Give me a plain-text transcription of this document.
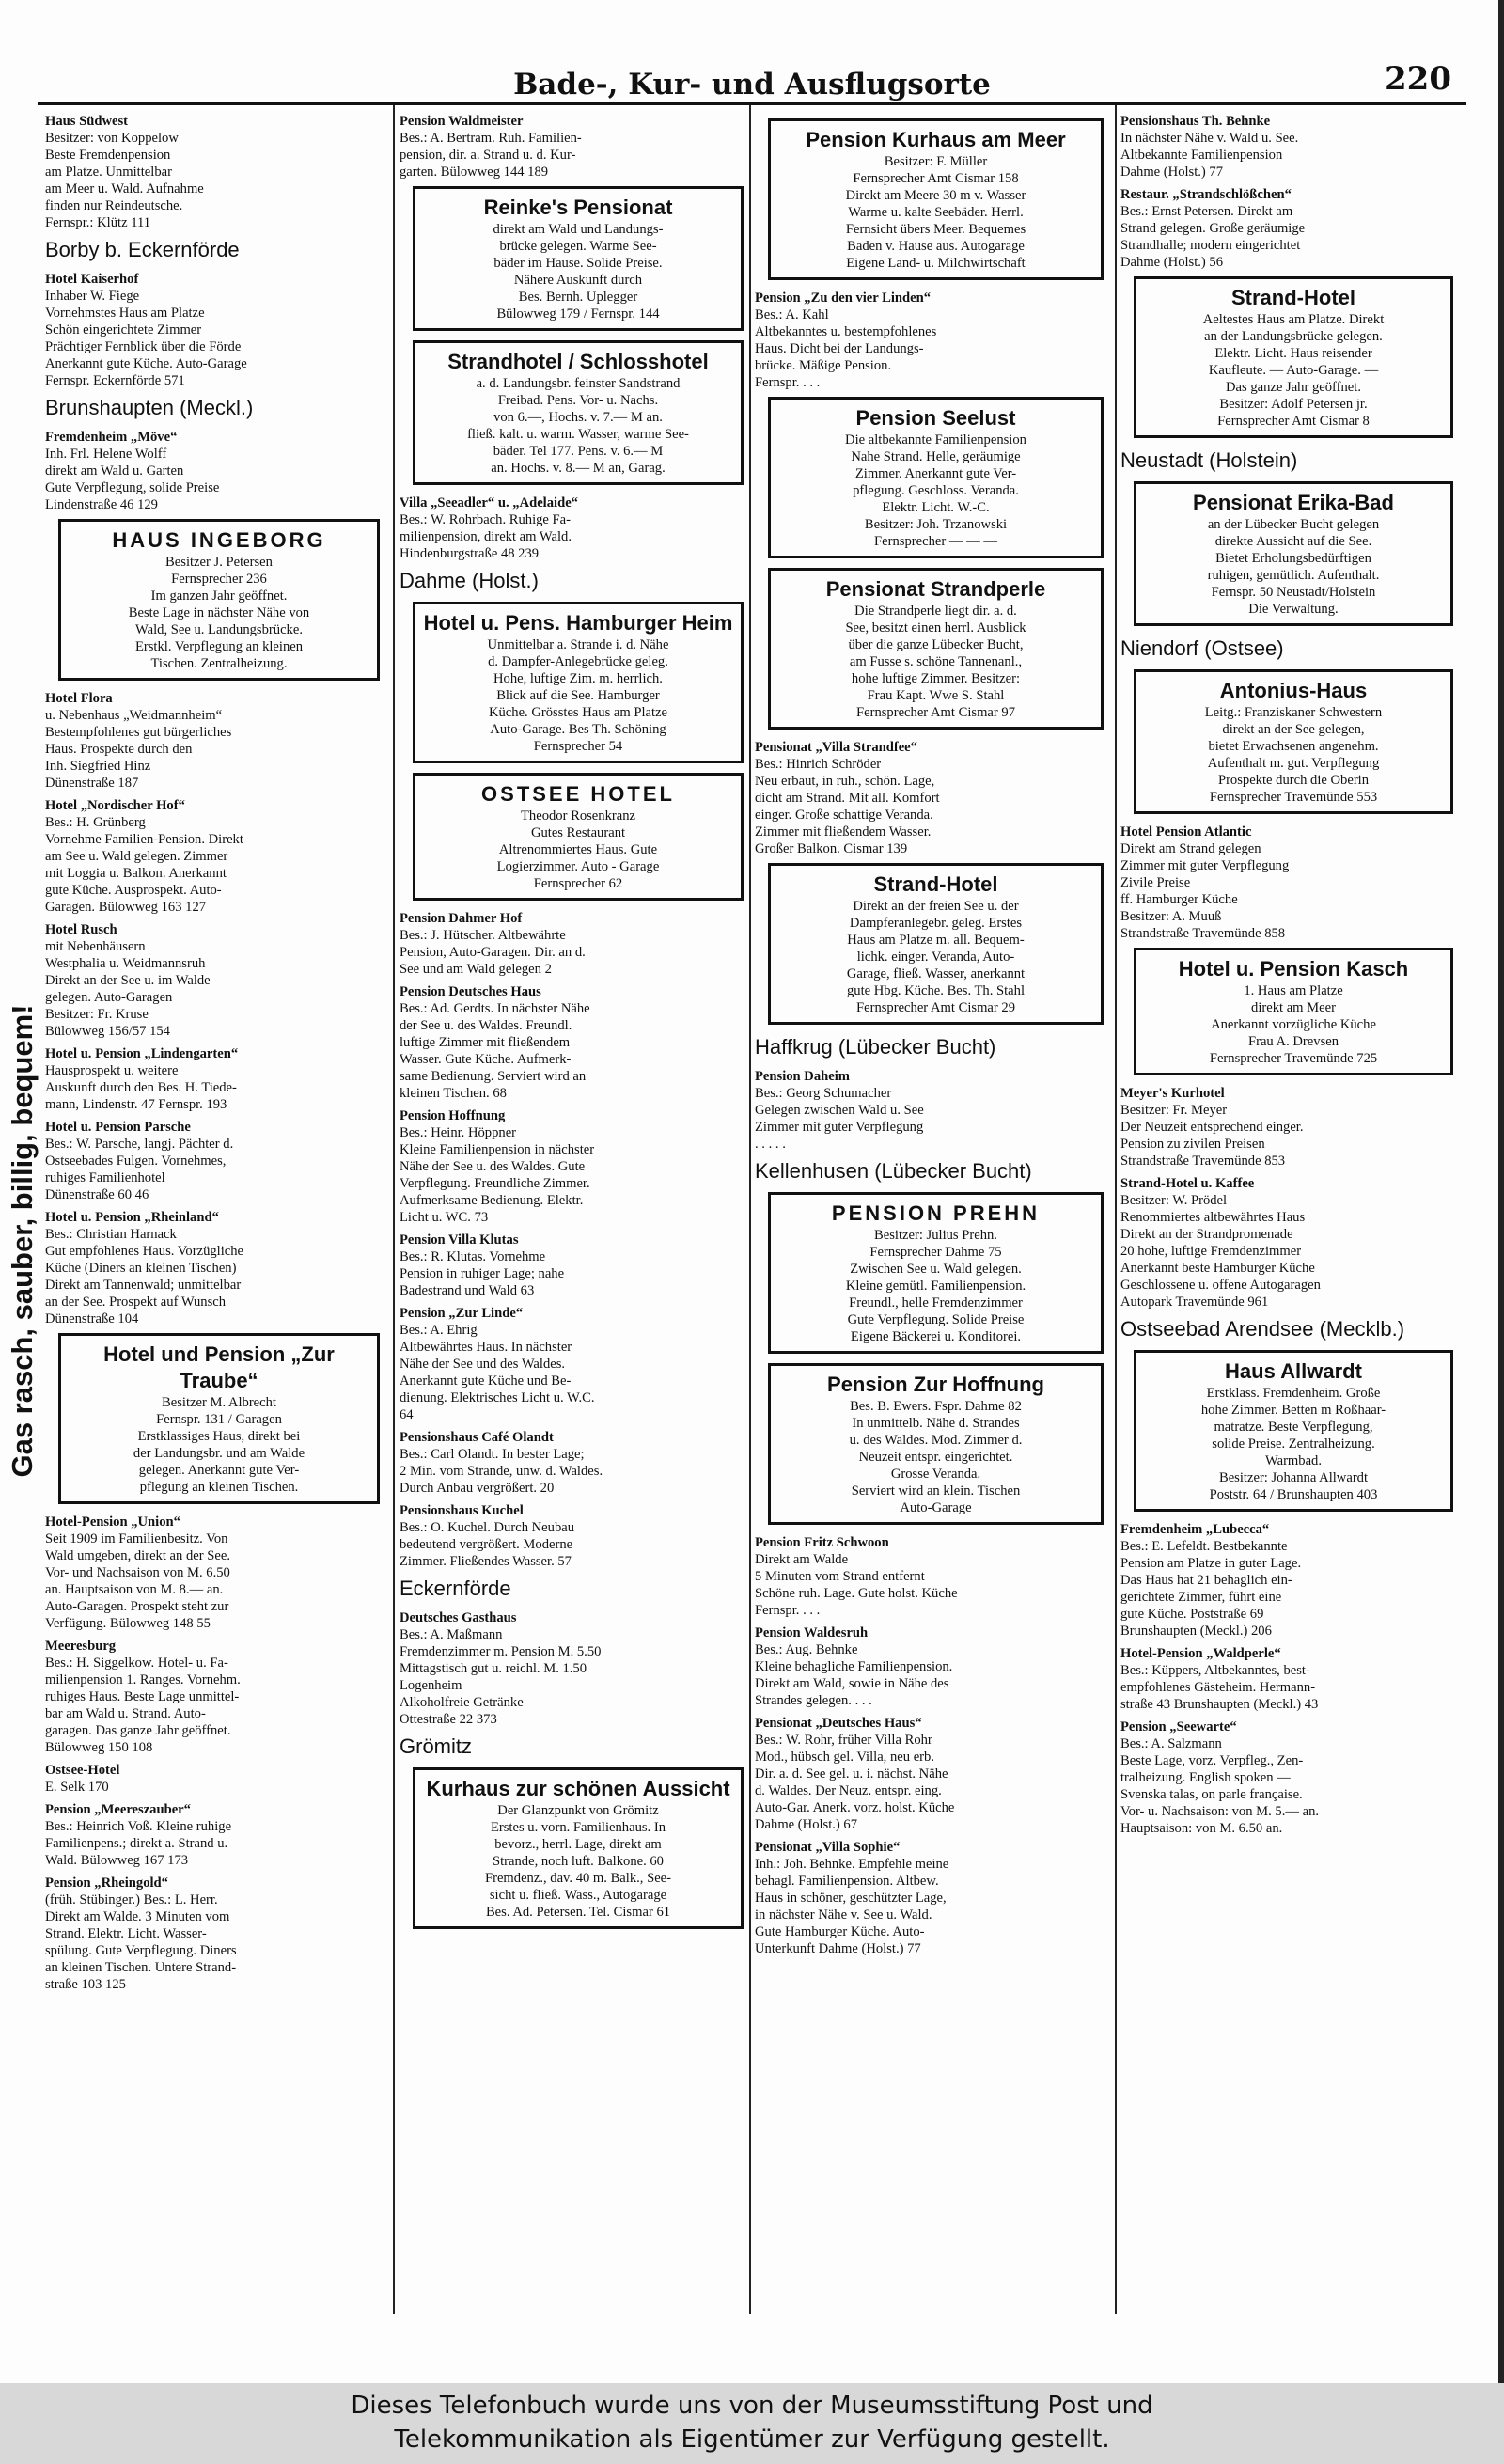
Bade-, Kur- und Ausflugsorte	220
Gas rasch, sauber, billig, bequem!
Haus Südwest
Besitzer: von Koppelow
Beste Fremdenpension
am Platze. Unmittelbar
am Meer u. Wald. Aufnahme
finden nur Reindeutsche.
Fernspr.: Klütz 111
Borby b. Eckernförde
Hotel Kaiserhof
Inhaber W. Fiege
Vornehmstes Haus am Platze
Schön eingerichtete Zimmer
Prächtiger Fernblick über die Förde
Anerkannt gute Küche. Auto-Garage
Fernspr. Eckernförde 571
Brunshaupten (Meckl.)
Fremdenheim „Möve“
Inh. Frl. Helene Wolff
direkt am Wald u. Garten
Gute Verpflegung, solide Preise
Lindenstraße 46 129
HAUS INGEBORG
Besitzer J. Petersen
Fernsprecher 236
Im ganzen Jahr geöffnet.
Beste Lage in nächster Nähe von
Wald, See u. Landungsbrücke.
Erstkl. Verpflegung an kleinen
Tischen. Zentralheizung.
Hotel Flora
u. Nebenhaus „Weidmannheim“
Bestempfohlenes gut bürgerliches
Haus. Prospekte durch den
Inh. Siegfried Hinz
Dünenstraße 187
Hotel „Nordischer Hof“
Bes.: H. Grünberg
Vornehme Familien-Pension. Direkt
am See u. Wald gelegen. Zimmer
mit Loggia u. Balkon. Anerkannt
gute Küche. Ausprospekt. Auto-
Garagen. Bülowweg 163 127
Hotel Rusch
mit Nebenhäusern
Westphalia u. Weidmannsruh
Direkt an der See u. im Walde
gelegen. Auto-Garagen
Besitzer: Fr. Kruse
Bülowweg 156/57 154
Hotel u. Pension „Lindengarten“
Hausprospekt u. weitere
Auskunft durch den Bes. H. Tiede-
mann, Lindenstr. 47 Fernspr. 193
Hotel u. Pension Parsche
Bes.: W. Parsche, langj. Pächter d.
Ostseebades Fulgen. Vornehmes,
ruhiges Familienhotel
Dünenstraße 60 46
Hotel u. Pension „Rheinland“
Bes.: Christian Harnack
Gut empfohlenes Haus. Vorzügliche
Küche (Diners an kleinen Tischen)
Direkt am Tannenwald; unmittelbar
an der See. Prospekt auf Wunsch
Dünenstraße 104
Hotel und Pension „Zur Traube“
Besitzer M. Albrecht
Fernspr. 131 / Garagen
Erstklassiges Haus, direkt bei
der Landungsbr. und am Walde
gelegen. Anerkannt gute Ver-
pflegung an kleinen Tischen.
Hotel-Pension „Union“
Seit 1909 im Familienbesitz. Von
Wald umgeben, direkt an der See.
Vor- und Nachsaison von M. 6.50
an. Hauptsaison von M. 8.— an.
Auto-Garagen. Prospekt steht zur
Verfügung. Bülowweg 148 55
Meeresburg
Bes.: H. Siggelkow. Hotel- u. Fa-
milienpension 1. Ranges. Vornehm.
ruhiges Haus. Beste Lage unmittel-
bar am Wald u. Strand. Auto-
garagen. Das ganze Jahr geöffnet.
Bülowweg 150 108
Ostsee-Hotel
E. Selk 170
Pension „Meereszauber“
Bes.: Heinrich Voß. Kleine ruhige
Familienpens.; direkt a. Strand u.
Wald. Bülowweg 167 173
Pension „Rheingold“
(früh. Stübinger.) Bes.: L. Herr.
Direkt am Walde. 3 Minuten vom
Strand. Elektr. Licht. Wasser-
spülung. Gute Verpflegung. Diners
an kleinen Tischen. Untere Strand-
straße 103 125
Pension Waldmeister
Bes.: A. Bertram. Ruh. Familien-
pension, dir. a. Strand u. d. Kur-
garten. Bülowweg 144 189
Reinke's Pensionat
direkt am Wald und Landungs-
brücke gelegen. Warme See-
bäder im Hause. Solide Preise.
Nähere Auskunft durch
Bes. Bernh. Uplegger
Bülowweg 179 / Fernspr. 144
Strandhotel / Schlosshotel
a. d. Landungsbr. feinster Sandstrand
Freibad. Pens. Vor- u. Nachs.
von 6.—, Hochs. v. 7.— M an.
fließ. kalt. u. warm. Wasser, warme See-
bäder. Tel 177. Pens. v. 6.— M
an. Hochs. v. 8.— M an, Garag.
Villa „Seeadler“ u. „Adelaide“
Bes.: W. Rohrbach. Ruhige Fa-
milienpension, direkt am Wald.
Hindenburgstraße 48 239
Dahme (Holst.)
Hotel u. Pens. Hamburger Heim
Unmittelbar a. Strande i. d. Nähe
d. Dampfer-Anlegebrücke geleg.
Hohe, luftige Zim. m. herrlich.
Blick auf die See. Hamburger
Küche. Grösstes Haus am Platze
Auto-Garage. Bes Th. Schöning
Fernsprecher 54
OSTSEE HOTEL
Theodor Rosenkranz
Gutes Restaurant
Altrenommiertes Haus. Gute
Logierzimmer. Auto - Garage
Fernsprecher 62
Pension Dahmer Hof
Bes.: J. Hütscher. Altbewährte
Pension, Auto-Garagen. Dir. an d.
See und am Wald gelegen 2
Pension Deutsches Haus
Bes.: Ad. Gerdts. In nächster Nähe
der See u. des Waldes. Freundl.
luftige Zimmer mit fließendem
Wasser. Gute Küche. Aufmerk-
same Bedienung. Serviert wird an
kleinen Tischen. 68
Pension Hoffnung
Bes.: Heinr. Höppner
Kleine Familienpension in nächster
Nähe der See u. des Waldes. Gute
Verpflegung. Freundliche Zimmer.
Aufmerksame Bedienung. Elektr.
Licht u. WC. 73
Pension Villa Klutas
Bes.: R. Klutas. Vornehme
Pension in ruhiger Lage; nahe
Badestrand und Wald 63
Pension „Zur Linde“
Bes.: A. Ehrig
Altbewährtes Haus. In nächster
Nähe der See und des Waldes.
Anerkannt gute Küche und Be-
dienung. Elektrisches Licht u. W.C.
64
Pensionshaus Café Olandt
Bes.: Carl Olandt. In bester Lage;
2 Min. vom Strande, unw. d. Waldes.
Durch Anbau vergrößert. 20
Pensionshaus Kuchel
Bes.: O. Kuchel. Durch Neubau
bedeutend vergrößert. Moderne
Zimmer. Fließendes Wasser. 57
Eckernförde
Deutsches Gasthaus
Bes.: A. Maßmann
Fremdenzimmer m. Pension M. 5.50
Mittagstisch gut u. reichl. M. 1.50
Logenheim
Alkoholfreie Getränke
Ottestraße 22 373
Grömitz
Kurhaus zur schönen Aussicht
Der Glanzpunkt von Grömitz
Erstes u. vorn. Familienhaus. In
bevorz., herrl. Lage, direkt am
Strande, noch luft. Balkone. 60
Fremdenz., dav. 40 m. Balk., See-
sicht u. fließ. Wass., Autogarage
Bes. Ad. Petersen. Tel. Cismar 61
Pension Kurhaus am Meer
Besitzer: F. Müller
Fernsprecher Amt Cismar 158
Direkt am Meere 30 m v. Wasser
Warme u. kalte Seebäder. Herrl.
Fernsicht übers Meer. Bequemes
Baden v. Hause aus. Autogarage
Eigene Land- u. Milchwirtschaft
Pension „Zu den vier Linden“
Bes.: A. Kahl
Altbekanntes u. bestempfohlenes
Haus. Dicht bei der Landungs-
brücke. Mäßige Pension.
Fernspr. . . .
Pension Seelust
Die altbekannte Familienpension
Nahe Strand. Helle, geräumige
Zimmer. Anerkannt gute Ver-
pflegung. Geschloss. Veranda.
Elektr. Licht. W.-C.
Besitzer: Joh. Trzanowski
Fernsprecher — — —
Pensionat Strandperle
Die Strandperle liegt dir. a. d.
See, besitzt einen herrl. Ausblick
über die ganze Lübecker Bucht,
am Fusse s. schöne Tannenanl.,
hohe luftige Zimmer. Besitzer:
Frau Kapt. Wwe S. Stahl
Fernsprecher Amt Cismar 97
Pensionat „Villa Strandfee“
Bes.: Hinrich Schröder
Neu erbaut, in ruh., schön. Lage,
dicht am Strand. Mit all. Komfort
einger. Große schattige Veranda.
Zimmer mit fließendem Wasser.
Großer Balkon. Cismar 139
Strand-Hotel
Direkt an der freien See u. der
Dampferanlegebr. geleg. Erstes
Haus am Platze m. all. Bequem-
lichk. einger. Veranda, Auto-
Garage, fließ. Wasser, anerkannt
gute Hbg. Küche. Bes. Th. Stahl
Fernsprecher Amt Cismar 29
Haffkrug (Lübecker Bucht)
Pension Daheim
Bes.: Georg Schumacher
Gelegen zwischen Wald u. See
Zimmer mit guter Verpflegung
. . . . .
Kellenhusen (Lübecker Bucht)
PENSION PREHN
Besitzer: Julius Prehn.
Fernsprecher Dahme 75
Zwischen See u. Wald gelegen.
Kleine gemütl. Familienpension.
Freundl., helle Fremdenzimmer
Gute Verpflegung. Solide Preise
Eigene Bäckerei u. Konditorei.
Pension Zur Hoffnung
Bes. B. Ewers. Fspr. Dahme 82
In unmittelb. Nähe d. Strandes
u. des Waldes. Mod. Zimmer d.
Neuzeit entspr. eingerichtet.
Grosse Veranda.
Serviert wird an klein. Tischen
Auto-Garage
Pension Fritz Schwoon
Direkt am Walde
5 Minuten vom Strand entfernt
Schöne ruh. Lage. Gute holst. Küche
Fernspr. . . .
Pension Waldesruh
Bes.: Aug. Behnke
Kleine behagliche Familienpension.
Direkt am Wald, sowie in Nähe des
Strandes gelegen. . . .
Pensionat „Deutsches Haus“
Bes.: W. Rohr, früher Villa Rohr
Mod., hübsch gel. Villa, neu erb.
Dir. a. d. See gel. u. i. nächst. Nähe
d. Waldes. Der Neuz. entspr. eing.
Auto-Gar. Anerk. vorz. holst. Küche
Dahme (Holst.) 67
Pensionat „Villa Sophie“
Inh.: Joh. Behnke. Empfehle meine
behagl. Familienpension. Altbew.
Haus in schöner, geschützter Lage,
in nächster Nähe v. See u. Wald.
Gute Hamburger Küche. Auto-
Unterkunft Dahme (Holst.) 77
Pensionshaus Th. Behnke
In nächster Nähe v. Wald u. See.
Altbekannte Familienpension
Dahme (Holst.) 77
Restaur. „Strandschlößchen“
Bes.: Ernst Petersen. Direkt am
Strand gelegen. Große geräumige
Strandhalle; modern eingerichtet
Dahme (Holst.) 56
Strand-Hotel
Aeltestes Haus am Platze. Direkt
an der Landungsbrücke gelegen.
Elektr. Licht. Haus reisender
Kaufleute. — Auto-Garage. —
Das ganze Jahr geöffnet.
Besitzer: Adolf Petersen jr.
Fernsprecher Amt Cismar 8
Neustadt (Holstein)
Pensionat Erika-Bad
an der Lübecker Bucht gelegen
direkte Aussicht auf die See.
Bietet Erholungsbedürftigen
ruhigen, gemütlich. Aufenthalt.
Fernspr. 50 Neustadt/Holstein
Die Verwaltung.
Niendorf (Ostsee)
Antonius-Haus
Leitg.: Franziskaner Schwestern
direkt an der See gelegen,
bietet Erwachsenen angenehm.
Aufenthalt m. gut. Verpflegung
Prospekte durch die Oberin
Fernsprecher Travemünde 553
Hotel Pension Atlantic
Direkt am Strand gelegen
Zimmer mit guter Verpflegung
Zivile Preise
ff. Hamburger Küche
Besitzer: A. Muuß
Strandstraße Travemünde 858
Hotel u. Pension Kasch
1. Haus am Platze
direkt am Meer
Anerkannt vorzügliche Küche
Frau A. Drevsen
Fernsprecher Travemünde 725
Meyer's Kurhotel
Besitzer: Fr. Meyer
Der Neuzeit entsprechend einger.
Pension zu zivilen Preisen
Strandstraße Travemünde 853
Strand-Hotel u. Kaffee
Besitzer: W. Prödel
Renommiertes altbewährtes Haus
Direkt an der Strandpromenade
20 hohe, luftige Fremdenzimmer
Anerkannt beste Hamburger Küche
Geschlossene u. offene Autogaragen
Autopark Travemünde 961
Ostseebad Arendsee (Mecklb.)
Haus Allwardt
Erstklass. Fremdenheim. Große
hohe Zimmer. Betten m Roßhaar-
matratze. Beste Verpflegung,
solide Preise. Zentralheizung.
Warmbad.
Besitzer: Johanna Allwardt
Poststr. 64 / Brunshaupten 403
Fremdenheim „Lubecca“
Bes.: E. Lefeldt. Bestbekannte
Pension am Platze in guter Lage.
Das Haus hat 21 behaglich ein-
gerichtete Zimmer, führt eine
gute Küche. Poststraße 69
Brunshaupten (Meckl.) 206
Hotel-Pension „Waldperle“
Bes.: Küppers, Altbekanntes, best-
empfohlenes Gästeheim. Hermann-
straße 43 Brunshaupten (Meckl.) 43
Pension „Seewarte“
Bes.: A. Salzmann
Beste Lage, vorz. Verpfleg., Zen-
tralheizung. English spoken —
Svenska talas, on parle française.
Vor- u. Nachsaison: von M. 5.— an.
Hauptsaison: von M. 6.50 an.
Dieses Telefonbuch wurde uns von der Museumsstiftung Post und
Telekommunikation als Eigentümer zur Verfügung gestellt.
